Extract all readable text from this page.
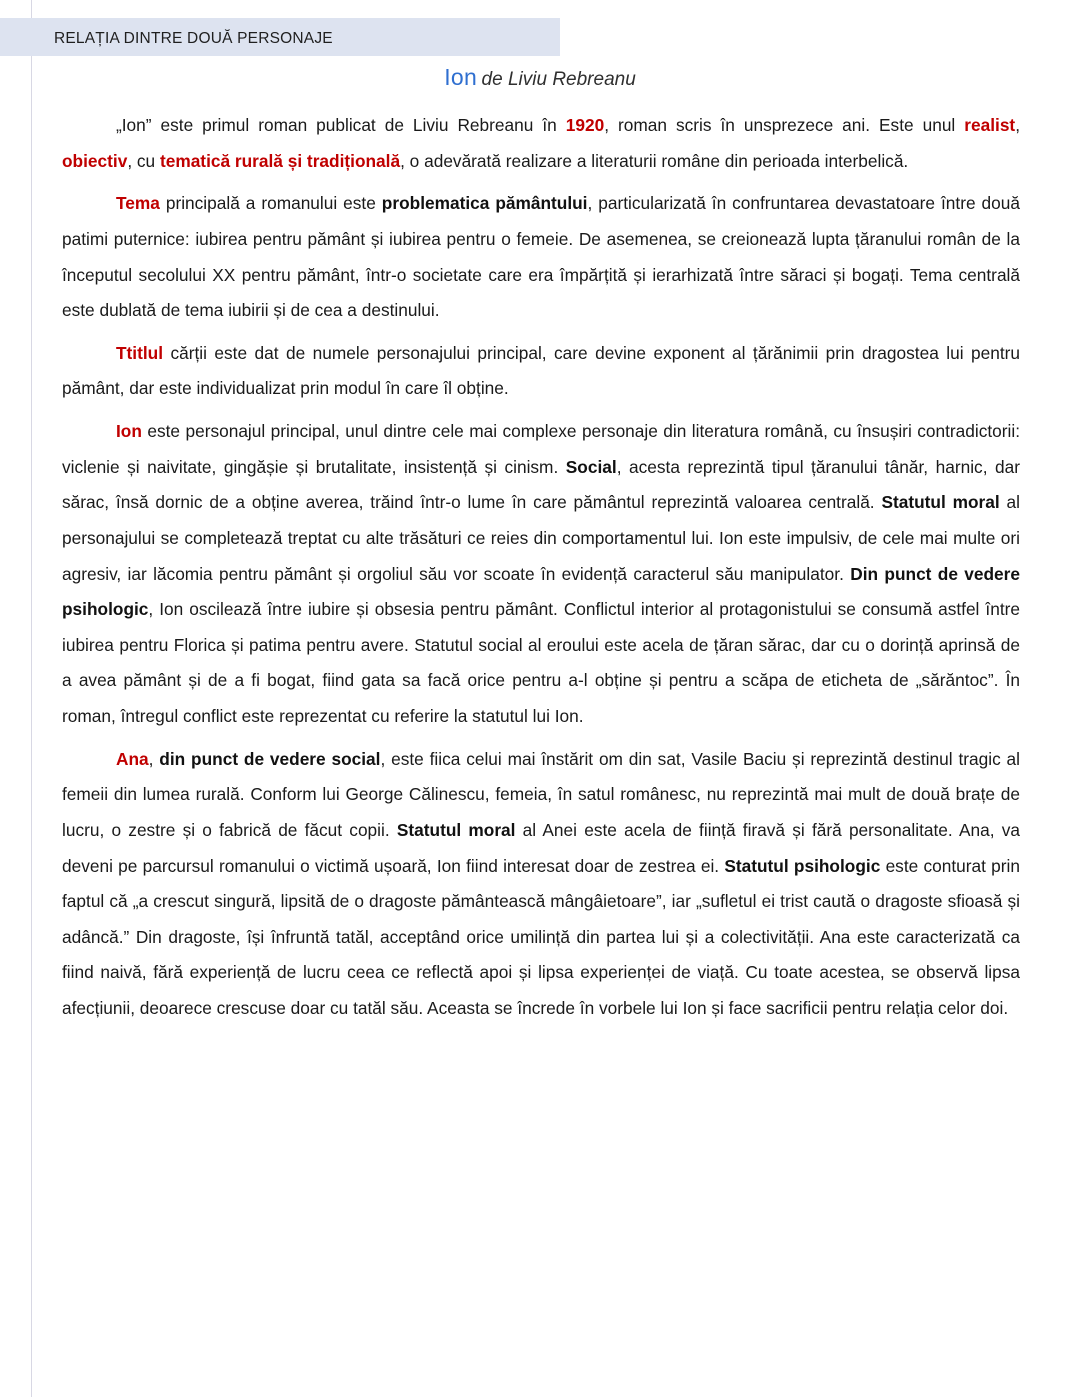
RELAȚIA DINTRE DOUĂ PERSONAJE
Ion de Liviu Rebreanu

„Ion” este primul roman publicat de Liviu Rebreanu în 1920, roman scris în unsprezece ani. Este unul realist, obiectiv, cu tematică rurală și tradițională, o adevărată realizare a literaturii române din perioada interbelică.

Tema principală a romanului este problematica pământului, particularizată în confruntarea devastatoare între două patimi puternice: iubirea pentru pământ și iubirea pentru o femeie. De asemenea, se creionează lupta țăranului român de la începutul secolului XX pentru pământ, într-o societate care era împărțită și ierarhizată între săraci și bogați. Tema centrală este dublată de tema iubirii și de cea a destinului.

Ttitlul cărții este dat de numele personajului principal, care devine exponent al țărănimii prin dragostea lui pentru pământ, dar este individualizat prin modul în care îl obține.

Ion este personajul principal, unul dintre cele mai complexe personaje din literatura română, cu însușiri contradictorii: viclenie și naivitate, gingășie și brutalitate, insistență și cinism. Social, acesta reprezintă tipul țăranului tânăr, harnic, dar sărac, însă dornic de a obține averea, trăind într-o lume în care pământul reprezintă valoarea centrală. Statutul moral al personajului se completează treptat cu alte trăsături ce reies din comportamentul lui. Ion este impulsiv, de cele mai multe ori agresiv, iar lăcomia pentru pământ și orgoliul său vor scoate în evidență caracterul său manipulator. Din punct de vedere psihologic, Ion oscilează între iubire și obsesia pentru pământ. Conflictul interior al protagonistului se consumă astfel între iubirea pentru Florica și patima pentru avere. Statutul social al eroului este acela de țăran sărac, dar cu o dorință aprinsă de a avea pământ și de a fi bogat, fiind gata sa facă orice pentru a-l obține și pentru a scăpa de eticheta de „sărăntoc”. În roman, întregul conflict este reprezentat cu referire la statutul lui Ion.

Ana, din punct de vedere social, este fiica celui mai înstărit om din sat, Vasile Baciu și reprezintă destinul tragic al femeii din lumea rurală. Conform lui George Călinescu, femeia, în satul românesc, nu reprezintă mai mult de două brațe de lucru, o zestre și o fabrică de făcut copii. Statutul moral al Anei este acela de ființă firavă și fără personalitate. Ana, va deveni pe parcursul romanului o victimă ușoară, Ion fiind interesat doar de zestrea ei. Statutul psihologic este conturat prin faptul că „a crescut singură, lipsită de o dragoste pământească mângâietoare”, iar „sufletul ei trist caută o dragoste sfioasă și adâncă.” Din dragoste, își înfruntă tatăl, acceptând orice umilință din partea lui și a colectivității. Ana este caracterizată ca fiind naivă, fără experiență de lucru ceea ce reflectă apoi și lipsa experienței de viață. Cu toate acestea, se observă lipsa afecțiunii, deoarece crescuse doar cu tatăl său. Aceasta se încrede în vorbele lui Ion și face sacrificii pentru relația celor doi.
